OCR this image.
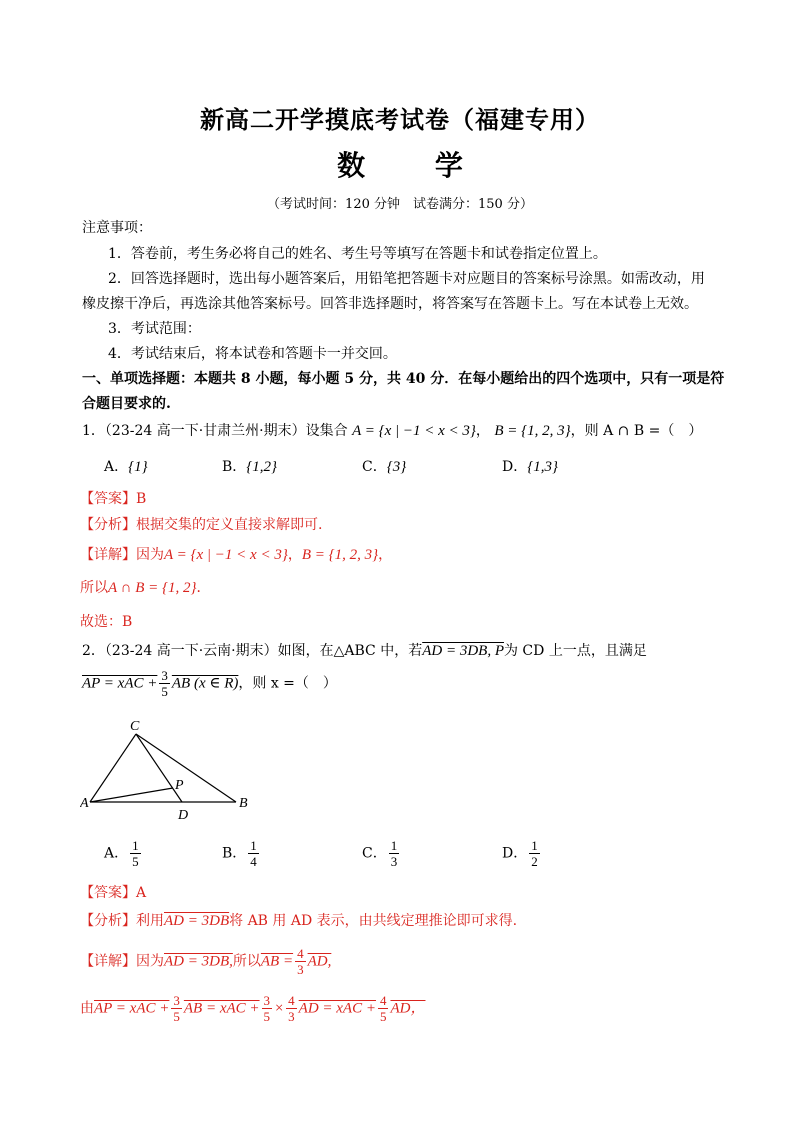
新高二开学摸底考试卷（福建专用）
数 学
（考试时间：120 分钟　试卷满分：150 分）
注意事项：
1．答卷前，考生务必将自己的姓名、考生号等填写在答题卡和试卷指定位置上。
2．回答选择题时，选出每小题答案后，用铅笔把答题卡对应题目的答案标号涂黑。如需改动，用
橡皮擦干净后，再选涂其他答案标号。回答非选择题时，将答案写在答题卡上。写在本试卷上无效。
3．考试范围：
4．考试结束后，将本试卷和答题卡一并交回。
一、单项选择题：本题共 8 小题，每小题 5 分，共 40 分．在每小题给出的四个选项中，只有一项是符
合题目要求的.
1．（23-24 高一下·甘肃兰州·期末）设集合 A = {x | −1 < x < 3}， B = {1, 2, 3}，则 A ∩ B =（　）
A．{1}	B．{1,2}	C．{3}	D．{1,3}
【答案】B
【分析】根据交集的定义直接求解即可.
【详解】因为A = {x | −1 < x < 3}，B = {1, 2, 3}，
所以A ∩ B = {1, 2}．
故选：B
2．（23-24 高一下·云南·期末）如图，在△ABC 中，若AD = 3DB, P为 CD 上一点，且满足
AP = xAC + $\frac{3}{5}$ AB (x ∈ R)，则 x =（　）
C
A	B
D
P
A． $\frac{1}{5}$	B． $\frac{1}{4}$	C． $\frac{1}{3}$	D． $\frac{1}{2}$
【答案】A
【分析】利用AD = 3DB将 AB 用 AD 表示，由共线定理推论即可求得.
【详解】因为AD = 3DB,所以AB = $\frac{4}{3}$ AD,
由AP = xAC + $\frac{3}{5}$ AB = xAC + $\frac{3}{5} \times \frac{4}{3}$ AD = xAC + $\frac{4}{5}$ AD，
